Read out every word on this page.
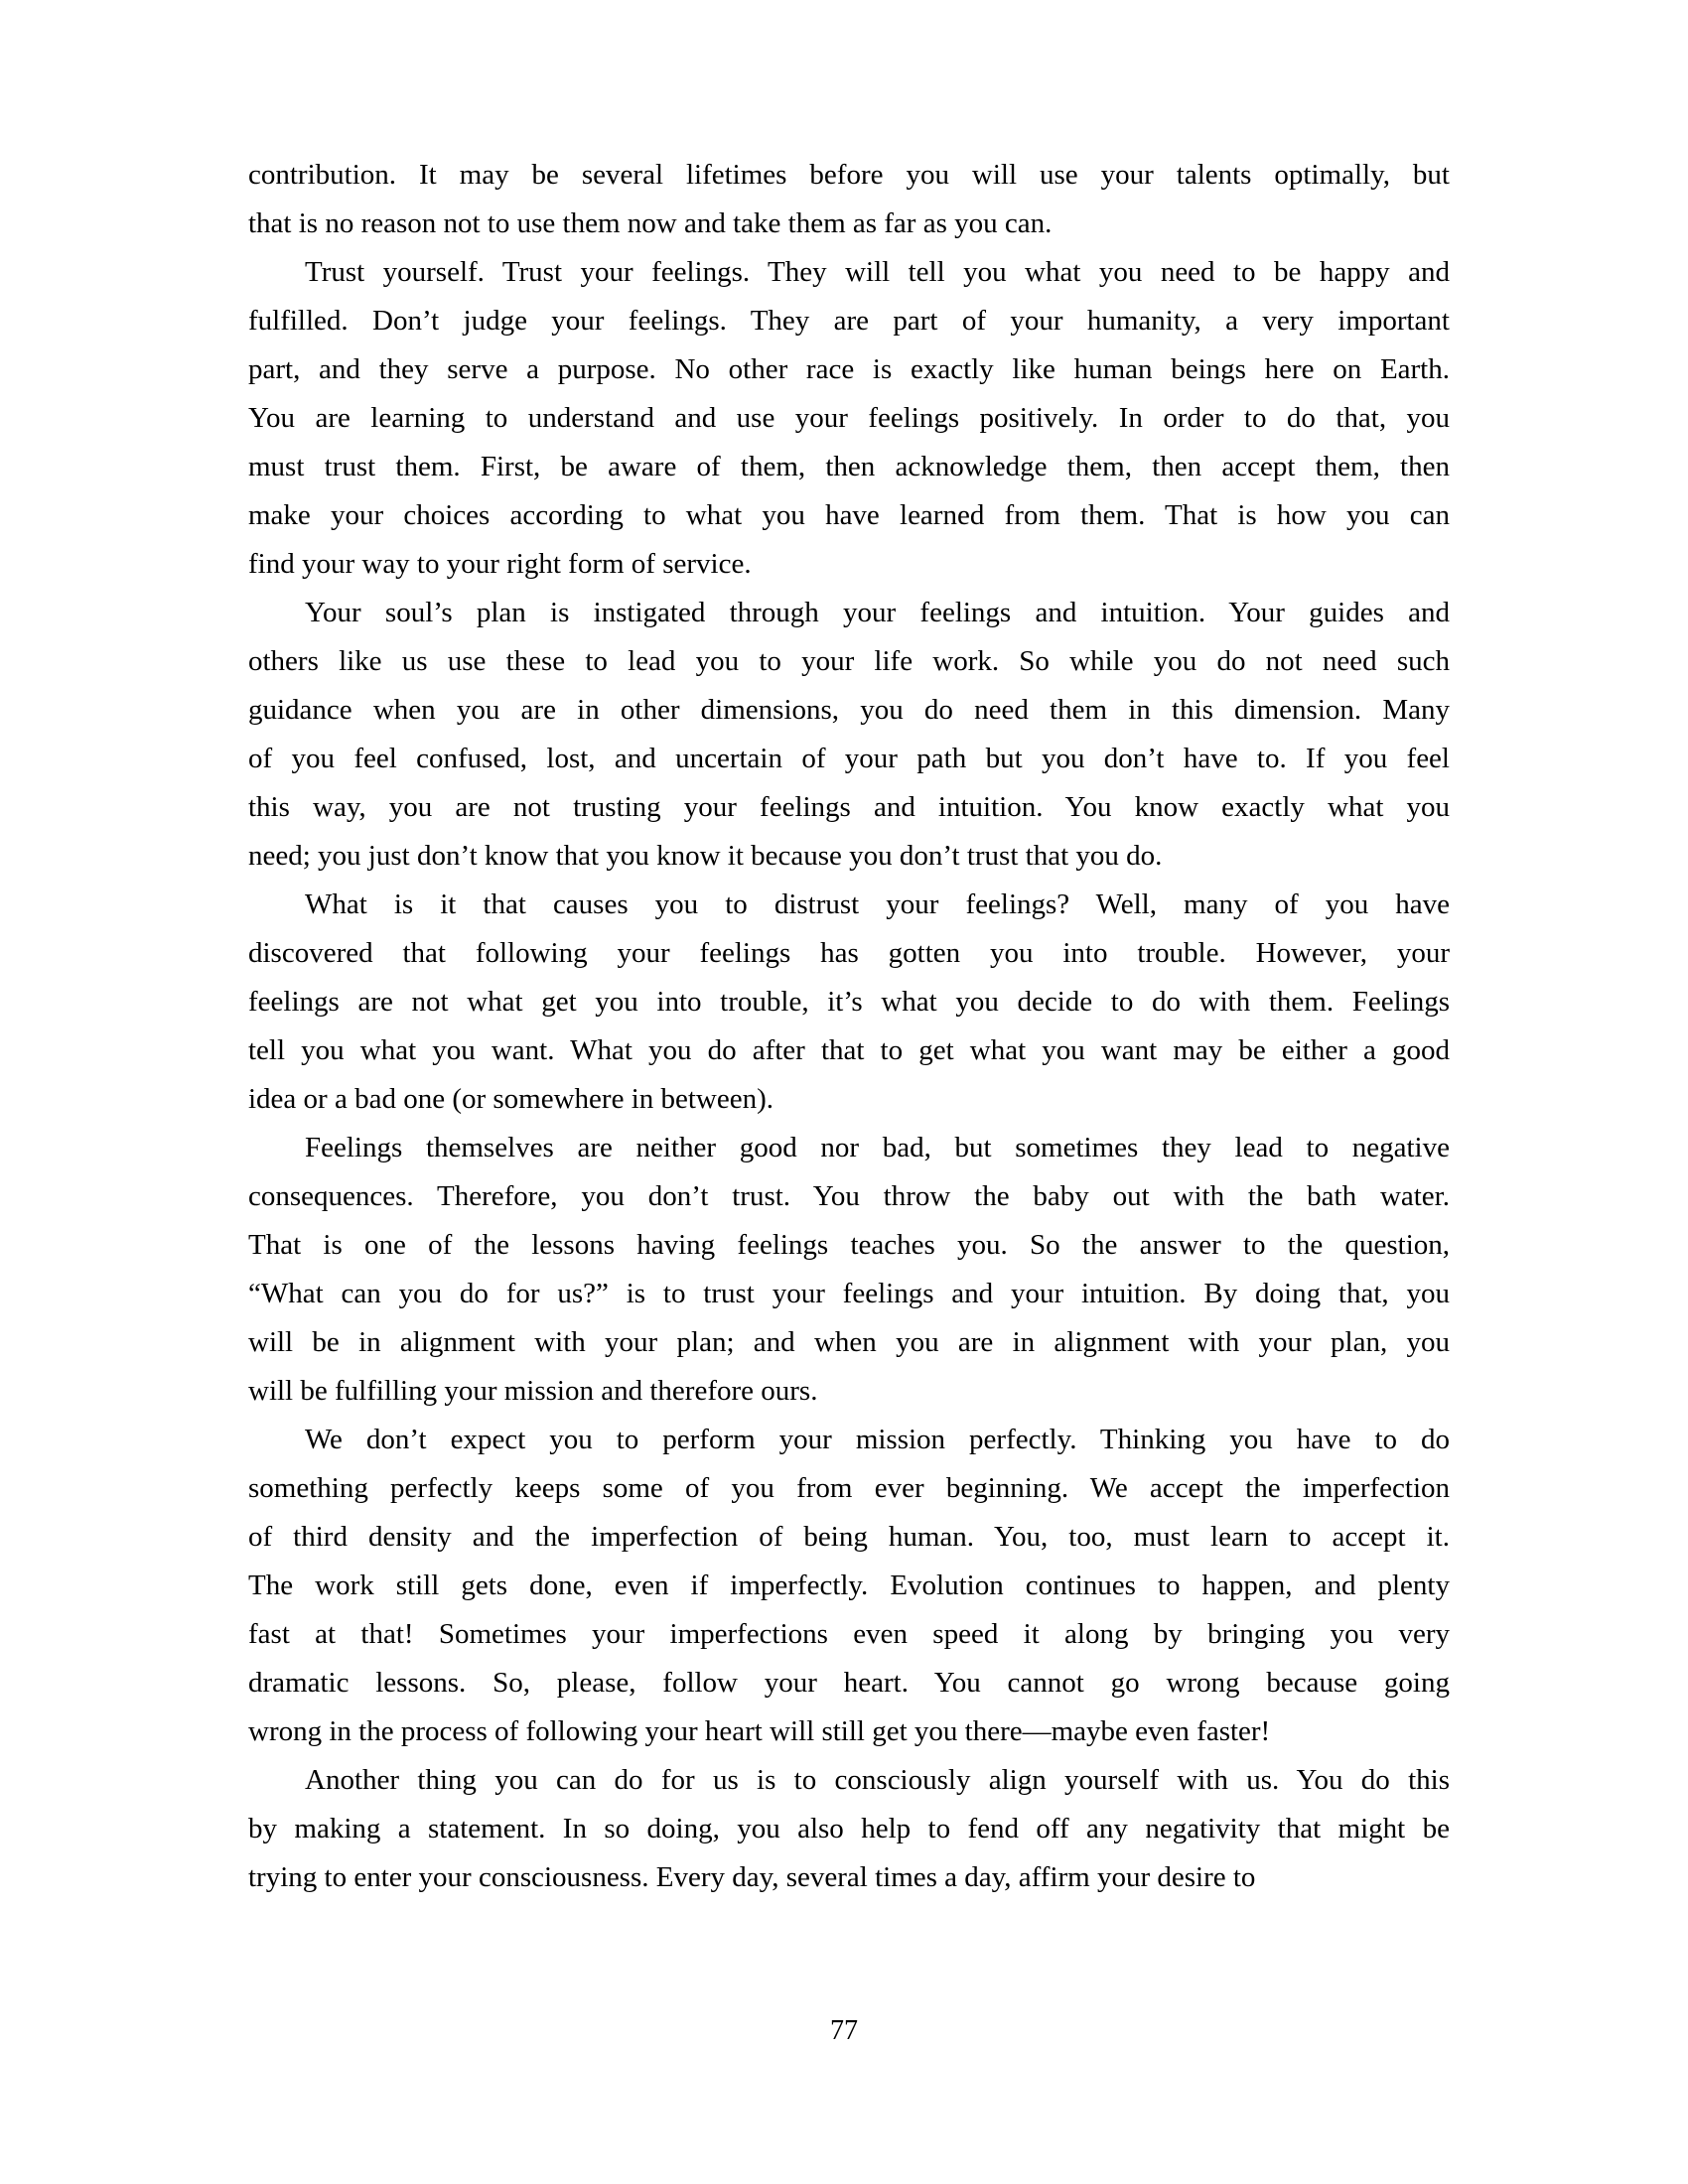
contribution. It may be several lifetimes before you will use your talents optimally, but
that is no reason not to use them now and take them as far as you can.
Trust yourself. Trust your feelings. They will tell you what you need to be happy and
fulfilled. Don’t judge your feelings. They are part of your humanity, a very important
part, and they serve a purpose. No other race is exactly like human beings here on Earth.
You are learning to understand and use your feelings positively. In order to do that, you
must trust them. First, be aware of them, then acknowledge them, then accept them, then
make your choices according to what you have learned from them. That is how you can
find your way to your right form of service.
Your soul’s plan is instigated through your feelings and intuition. Your guides and
others like us use these to lead you to your life work. So while you do not need such
guidance when you are in other dimensions, you do need them in this dimension. Many
of you feel confused, lost, and uncertain of your path but you don’t have to. If you feel
this way, you are not trusting your feelings and intuition. You know exactly what you
need; you just don’t know that you know it because you don’t trust that you do.
What is it that causes you to distrust your feelings? Well, many of you have
discovered that following your feelings has gotten you into trouble. However, your
feelings are not what get you into trouble, it’s what you decide to do with them. Feelings
tell you what you want. What you do after that to get what you want may be either a good
idea or a bad one (or somewhere in between).
Feelings themselves are neither good nor bad, but sometimes they lead to negative
consequences. Therefore, you don’t trust. You throw the baby out with the bath water.
That is one of the lessons having feelings teaches you. So the answer to the question,
“What can you do for us?” is to trust your feelings and your intuition. By doing that, you
will be in alignment with your plan; and when you are in alignment with your plan, you
will be fulfilling your mission and therefore ours.
We don’t expect you to perform your mission perfectly. Thinking you have to do
something perfectly keeps some of you from ever beginning. We accept the imperfection
of third density and the imperfection of being human. You, too, must learn to accept it.
The work still gets done, even if imperfectly. Evolution continues to happen, and plenty
fast at that! Sometimes your imperfections even speed it along by bringing you very
dramatic lessons. So, please, follow your heart. You cannot go wrong because going
wrong in the process of following your heart will still get you there—maybe even faster!
Another thing you can do for us is to consciously align yourself with us. You do this
by making a statement. In so doing, you also help to fend off any negativity that might be
trying to enter your consciousness. Every day, several times a day, affirm your desire to
77
